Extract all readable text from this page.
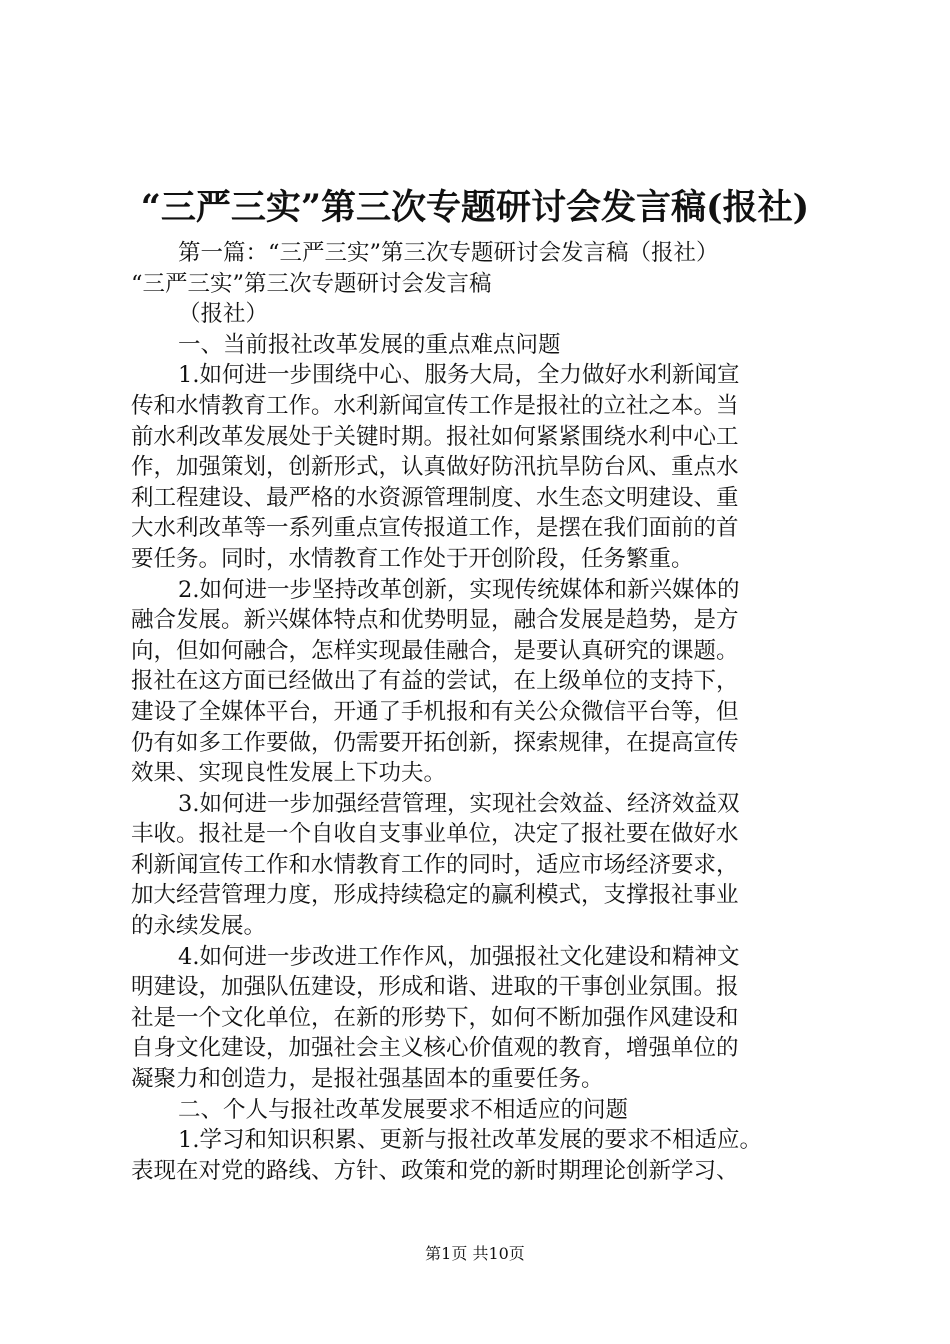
“三严三实”第三次专题研讨会发言稿(报社)
第一篇：“三严三实”第三次专题研讨会发言稿（报社）
“三严三实”第三次专题研讨会发言稿
（报社）
一、当前报社改革发展的重点难点问题
1.如何进一步围绕中心、服务大局，全力做好水利新闻宣
传和水情教育工作。水利新闻宣传工作是报社的立社之本。当
前水利改革发展处于关键时期。报社如何紧紧围绕水利中心工
作，加强策划，创新形式，认真做好防汛抗旱防台风、重点水
利工程建设、最严格的水资源管理制度、水生态文明建设、重
大水利改革等一系列重点宣传报道工作，是摆在我们面前的首
要任务。同时，水情教育工作处于开创阶段，任务繁重。
2.如何进一步坚持改革创新，实现传统媒体和新兴媒体的
融合发展。新兴媒体特点和优势明显，融合发展是趋势，是方
向，但如何融合，怎样实现最佳融合，是要认真研究的课题。
报社在这方面已经做出了有益的尝试，在上级单位的支持下，
建设了全媒体平台，开通了手机报和有关公众微信平台等，但
仍有如多工作要做，仍需要开拓创新，探索规律，在提高宣传
效果、实现良性发展上下功夫。
3.如何进一步加强经营管理，实现社会效益、经济效益双
丰收。报社是一个自收自支事业单位，决定了报社要在做好水
利新闻宣传工作和水情教育工作的同时，适应市场经济要求，
加大经营管理力度，形成持续稳定的赢利模式，支撑报社事业
的永续发展。
4.如何进一步改进工作作风，加强报社文化建设和精神文
明建设，加强队伍建设，形成和谐、进取的干事创业氛围。报
社是一个文化单位，在新的形势下，如何不断加强作风建设和
自身文化建设，加强社会主义核心价值观的教育，增强单位的
凝聚力和创造力，是报社强基固本的重要任务。
二、个人与报社改革发展要求不相适应的问题
1.学习和知识积累、更新与报社改革发展的要求不相适应。
表现在对党的路线、方针、政策和党的新时期理论创新学习、
第1页 共10页
